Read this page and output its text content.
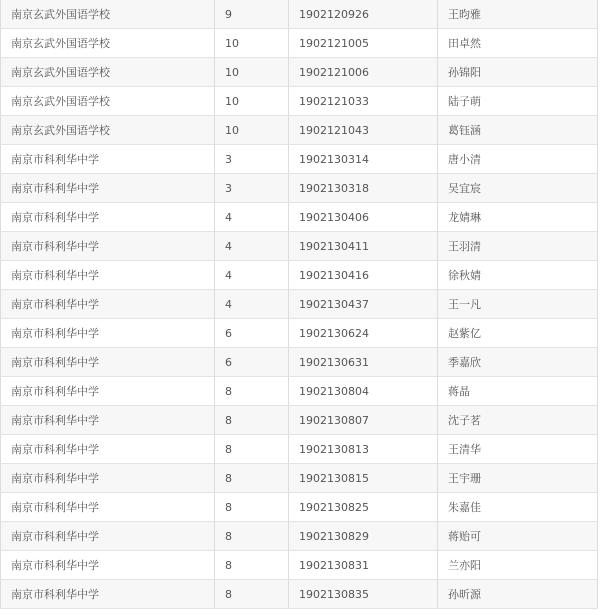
南京玄武外国语学校	9	1902120926	王昀雅
南京玄武外国语学校	10	1902121005	田卓然
南京玄武外国语学校	10	1902121006	孙锦阳
南京玄武外国语学校	10	1902121033	陆子萌
南京玄武外国语学校	10	1902121043	葛钰涵
南京市科利华中学	3	1902130314	唐小清
南京市科利华中学	3	1902130318	吴宜宸
南京市科利华中学	4	1902130406	龙婧琳
南京市科利华中学	4	1902130411	王羽清
南京市科利华中学	4	1902130416	徐秋婧
南京市科利华中学	4	1902130437	王一凡
南京市科利华中学	6	1902130624	赵紫亿
南京市科利华中学	6	1902130631	季嘉欣
南京市科利华中学	8	1902130804	蒋晶
南京市科利华中学	8	1902130807	沈子茗
南京市科利华中学	8	1902130813	王清华
南京市科利华中学	8	1902130815	王宇珊
南京市科利华中学	8	1902130825	朱嘉佳
南京市科利华中学	8	1902130829	蒋贻可
南京市科利华中学	8	1902130831	兰亦阳
南京市科利华中学	8	1902130835	孙昕源
